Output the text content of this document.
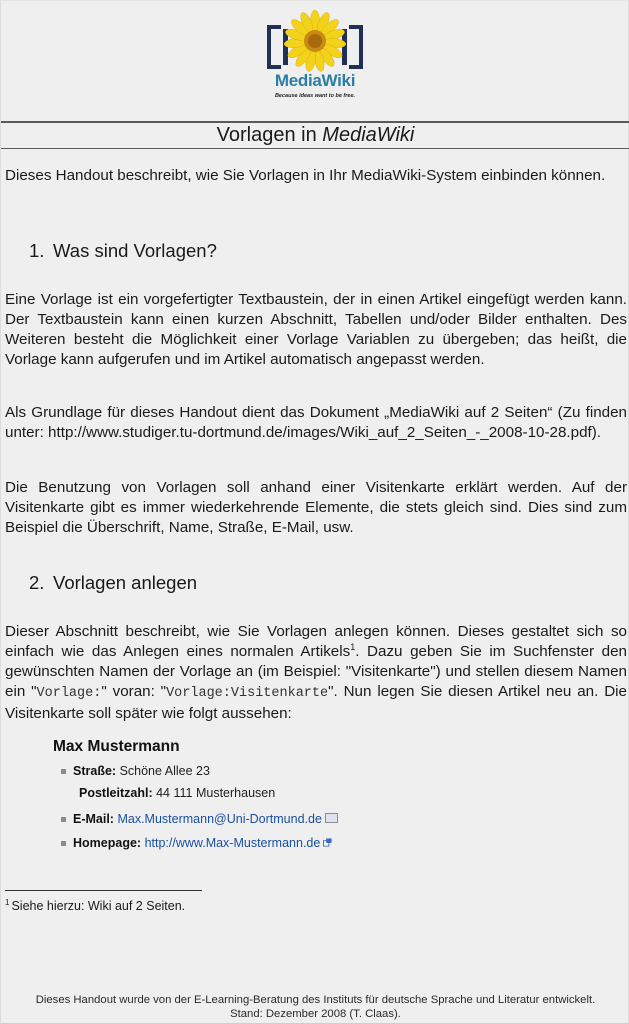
MediaWiki
Because ideas want to be free.
Vorlagen in MediaWiki

Dieses Handout beschreibt, wie Sie Vorlagen in Ihr MediaWiki-System einbinden können.

1. Was sind Vorlagen?

Eine Vorlage ist ein vorgefertigter Textbaustein, der in einen Artikel eingefügt werden kann. Der Textbaustein kann einen kurzen Abschnitt, Tabellen und/oder Bilder enthalten. Des Weiteren besteht die Möglichkeit einer Vorlage Variablen zu übergeben; das heißt, die Vorlage kann aufgerufen und im Artikel automatisch angepasst werden.

Als Grundlage für dieses Handout dient das Dokument „MediaWiki auf 2 Seiten“ (Zu finden unter: http://www.studiger.tu-dortmund.de/images/Wiki_auf_2_Seiten_-_2008-10-28.pdf).

Die Benutzung von Vorlagen soll anhand einer Visitenkarte erklärt werden. Auf der Visitenkarte gibt es immer wiederkehrende Elemente, die stets gleich sind. Dies sind zum Beispiel die Überschrift, Name, Straße, E-Mail, usw.

2. Vorlagen anlegen

Dieser Abschnitt beschreibt, wie Sie Vorlagen anlegen können. Dieses gestaltet sich so einfach wie das Anlegen eines normalen Artikels$^1$. Dazu geben Sie im Suchfenster den gewünschten Namen der Vorlage an (im Beispiel: "Visitenkarte") und stellen diesem Namen ein "Vorlage:" voran: "Vorlage:Visitenkarte". Nun legen Sie diesen Artikel neu an. Die Visitenkarte soll später wie folgt aussehen:

Max Mustermann
Straße: Schöne Allee 23
Postleitzahl: 44 111 Musterhausen
E-Mail: Max.Mustermann@Uni-Dortmund.de
Homepage: http://www.Max-Mustermann.de
$^1$ Siehe hierzu: Wiki auf 2 Seiten.
Dieses Handout wurde von der E-Learning-Beratung des Instituts für deutsche Sprache und Literatur entwickelt.
Stand: Dezember 2008 (T. Claas).
